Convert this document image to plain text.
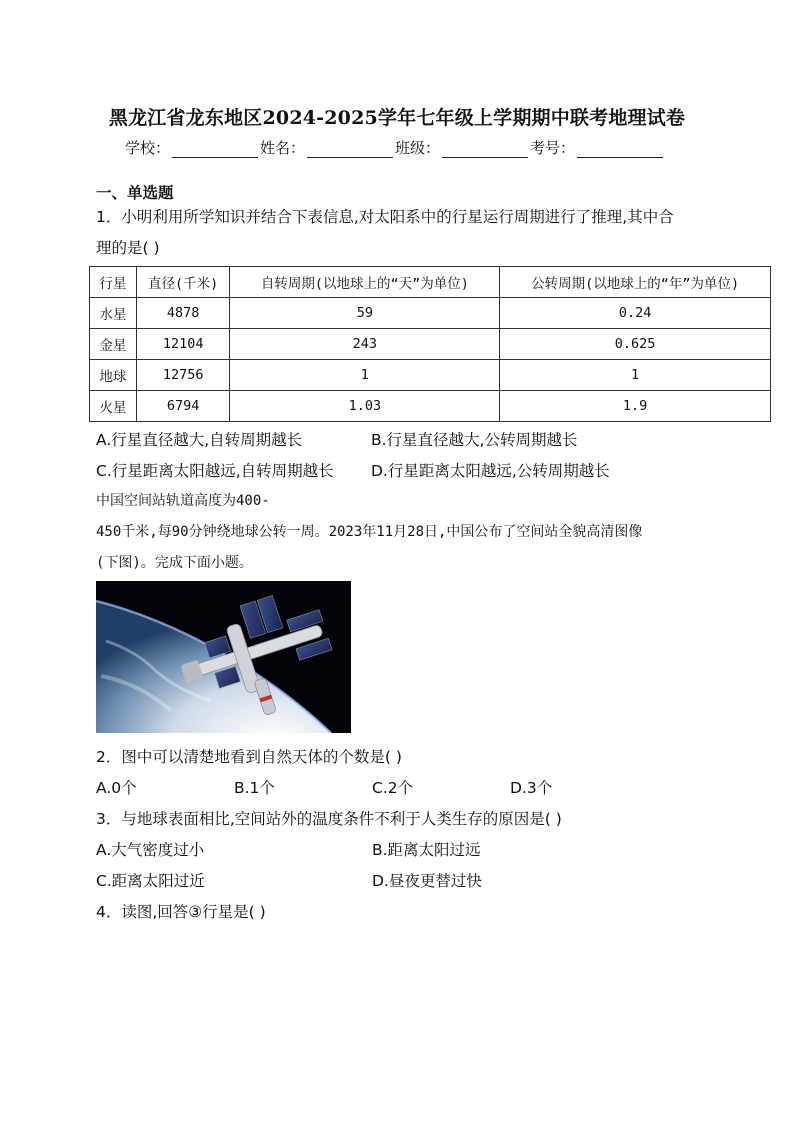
黑龙江省龙东地区2024-2025学年七年级上学期期中联考地理试卷
学校：	姓名：	班级：	考号：
一、单选题
1．小明利用所学知识并结合下表信息,对太阳系中的行星运行周期进行了推理,其中合
理的是( )
行星	直径(千米)	自转周期(以地球上的“天”为单位)	公转周期(以地球上的“年”为单位)
水星	4878	59	0.24
金星	12104	243	0.625
地球	12756	1	1
火星	6794	1.03	1.9
A.行星直径越大,自转周期越长	B.行星直径越大,公转周期越长
C.行星距离太阳越远,自转周期越长 D.行星距离太阳越远,公转周期越长
中国空间站轨道高度为400-
450千米,每90分钟绕地球公转一周。2023年11月28日,中国公布了空间站全貌高清图像
(下图)。完成下面小题。
2．图中可以清楚地看到自然天体的个数是( )
A.0个	B.1个	C.2个	D.3个
3．与地球表面相比,空间站外的温度条件不利于人类生存的原因是( )
A.大气密度过小	B.距离太阳过远
C.距离太阳过近	D.昼夜更替过快
4．读图,回答③行星是( )
